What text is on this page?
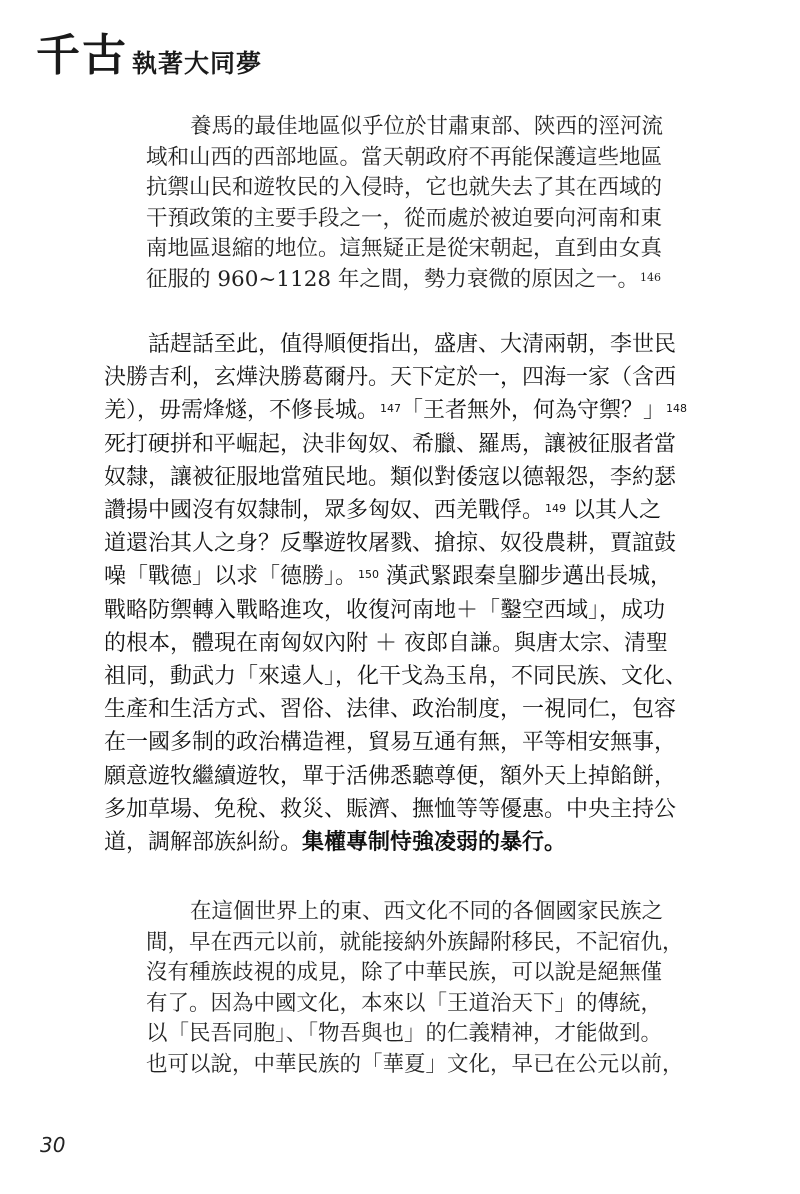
千古 執著大同夢
養馬的最佳地區似乎位於甘肅東部、陝西的涇河流
域和山西的西部地區。當天朝政府不再能保護這些地區
抗禦山民和遊牧民的入侵時，它也就失去了其在西域的
干預政策的主要手段之一，從而處於被迫要向河南和東
南地區退縮的地位。這無疑正是從宋朝起，直到由女真
征服的 960~1128 年之間，勢力衰微的原因之一。$^{146}$
話趕話至此，值得順便指出，盛唐、大清兩朝，李世民
決勝吉利，玄燁決勝葛爾丹。天下定於一，四海一家（含西
羌），毋需烽燧，不修長城。$^{147}$「王者無外，何為守禦？」$^{148}$
死打硬拼和平崛起，決非匈奴、希臘、羅馬，讓被征服者當
奴隸，讓被征服地當殖民地。類似對倭寇以德報怨，李約瑟
讚揚中國沒有奴隸制，眾多匈奴、西羌戰俘。$^{149}$ 以其人之
道還治其人之身？反擊遊牧屠戮、搶掠、奴役農耕，賈誼鼓
噪「戰德」以求「德勝」。$^{150}$ 漢武緊跟秦皇腳步邁出長城，
戰略防禦轉入戰略進攻，收復河南地＋「鑿空西域」，成功
的根本，體現在南匈奴內附 ＋ 夜郎自謙。與唐太宗、清聖
祖同，動武力「來遠人」，化干戈為玉帛，不同民族、文化、
生產和生活方式、習俗、法律、政治制度，一視同仁，包容
在一國多制的政治構造裡，貿易互通有無，平等相安無事，
願意遊牧繼續遊牧，單于活佛悉聽尊便，額外天上掉餡餅，
多加草場、免稅、救災、賑濟、撫恤等等優惠。中央主持公
道，調解部族糾紛。集權專制恃強凌弱的暴行。
在這個世界上的東、西文化不同的各個國家民族之
間，早在西元以前，就能接納外族歸附移民，不記宿仇，
沒有種族歧視的成見，除了中華民族，可以說是絕無僅
有了。因為中國文化，本來以「王道治天下」的傳統，
以「民吾同胞」、「物吾與也」的仁義精神，才能做到。
也可以說，中華民族的「華夏」文化，早已在公元以前，
30
